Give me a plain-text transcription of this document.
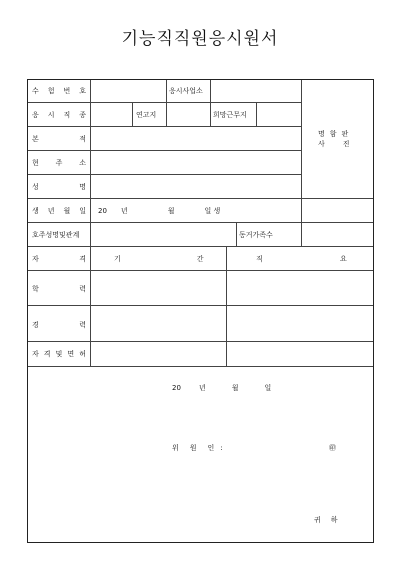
기능직직원응시원서
수 험 번 호	응시사업소
응 시 직 종	연고지	희망근무지
본	적
현 주 소
성	명
생 년 월 일 20 년	월	일 생
호주성명및관계	동거가족수
명함판
사	진
자	격	기	간	직	요
학	력
경	력
자 격 및 면 허
20	년	월	일
위 원 인 :	㊞
귀 하
